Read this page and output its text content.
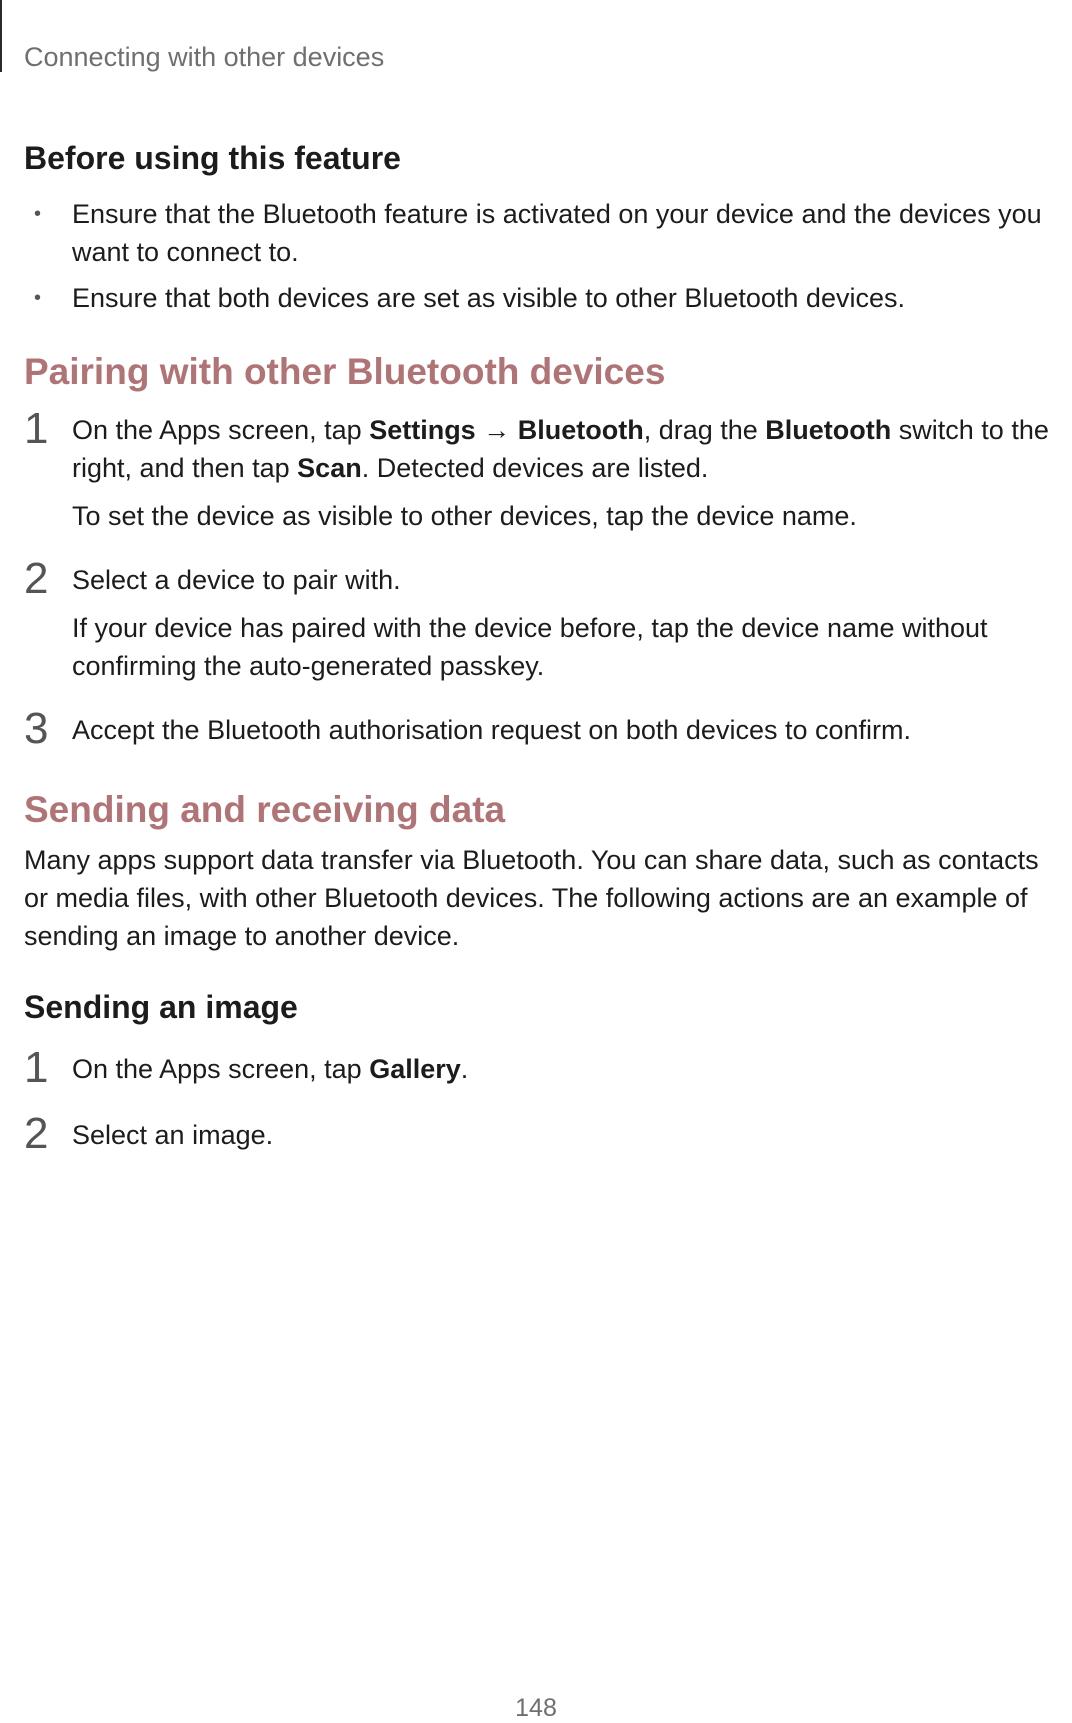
Connecting with other devices
Before using this feature
• Ensure that the Bluetooth feature is activated on your device and the devices you want to connect to.
• Ensure that both devices are set as visible to other Bluetooth devices.
Pairing with other Bluetooth devices
1 On the Apps screen, tap Settings → Bluetooth, drag the Bluetooth switch to the right, and then tap Scan. Detected devices are listed.

To set the device as visible to other devices, tap the device name.

2 Select a device to pair with.

If your device has paired with the device before, tap the device name without confirming the auto-generated passkey.

3 Accept the Bluetooth authorisation request on both devices to confirm.

Sending and receiving data

Many apps support data transfer via Bluetooth. You can share data, such as contacts or media files, with other Bluetooth devices. The following actions are an example of sending an image to another device.

Sending an image
1 On the Apps screen, tap Gallery.

2 Select an image.

148
